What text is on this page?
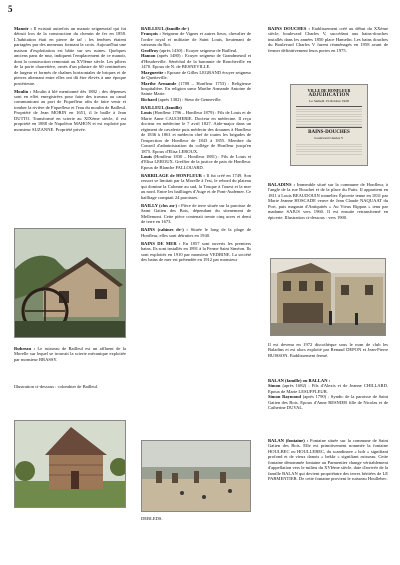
5

Manoir : Il existait autrefois un manoir seigneurial qui fut détruit lors de la construction du chemin de fer en 1858. L'habitation était en pierre de taf ; les fenêtres étaient partagées par des meneaux formant la croix. Aujourd'hui une maison d'exploitation est bâtie sur ses ruines. Quelques anciens pans de mur, indiquent l'emplacement de ce manoir, dont la construction remontait au XVIème siècle. Les piliers de la porte charretière, ornés d'un pilastre de 60 centimètres de largeur et formés de chaînes horizontales de briques et de pierres alternant entre elles ont dû être élevés à une époque postérieure.

Moulin : Moulin à blé mentionné dès 1882 ; des dépenses sont en effet enregistrées pour faire des travaux au canal communicant au port de Fiquefleur afin de faire venir et tomber la rivière de Fiquefleur et l'eau du moulin de Bailleul. Propriété de Jean MORIN en 1651, il le baille à Jean DUTTO. Transformé en scierie au XIXème siècle, il est propriété en 1888 de Napoléon MAHON et est exploité par monsieur SUZANNE. Propriété privée.

Rubreau : Le ruisseau de Bailleul est un affluent de la Morelle sur lequel se trouvait la scierie mécanique exploitée par monsieur BRASSY.
Illustration ci-dessous : colombier de Bailleul.

BAILLEUL (famille de-)
François : Seigneur de Vignes et autres lieux, chevalier de l'ordre royal et militaire de Saint Louis, lieutenant de vaisseau du Roi.
Geoffroy (après 1430) : Ecuyer seigneur de Bailleul.
Hamon (après 1480) : Ecuyer seigneur de Grandmesnil et d'Heudreville. Sénéchal de la baronnie de Roncheville en 1470. Epoux de N. de BESNEVILLE.
Marguerite : Epouse de Gilles LEGRAND écuyer seigneur de Quetteville.
Marthe Armande (1708 – Honfleur 1753) : Religieuse hospitalière. En religion sœur Marthe Armande Antoine de Sainte Marie.
Richard (après 1382) : Sieur de Genneville.

BAILLEUL (famille)
Louis (Honfleur 1796 – Honfleur 1879) : Fils de Louis et de Marie Anne CAUCHERIE. Docteur en médecine. Il reçu docteur en médecine le 7 avril 1827. Aide-major dans un régiment de cavalerie puis médecin des douanes à Honfleur de 1836 à 1861 et médecin chef de toutes les brigades de l'inspection de Honfleur de 1843 à 1855. Membre du Conseil d'administration du collège de Honfleur jusqu'en 1875. Epoux d'Elisa LEROUX.
Louis (Honfleur 1830 – Honfleur 1881) : Fils de Louis et d'Elisa LEROUX. Greffier de la justice de paix de Honfleur. Epoux de Blanche FALLOUARD.

BARRILAGE de HONFLEUR : Il fut créé en 1749. Son ressort se limitait par la Morelle à l'est, le rebord du plateau qui domine la Calonne au sud, la Touque à l'ouest et la mer au nord. Entre les bailliages d'Auge et de Pont-Audemer. Ce bailliage comptait 24 paroisses.

BAILLY (clos au-) : Pièce de terre située sur la paroisse de Saint Gatien des Bois, dépendant du sitenement de Mellemont. Cette pièce contenait trente cinq acres et demi de terre en 1673.

BAINS (cabines de-) : Située le long de la plage de Honfleur, elles sont détruites en 1940.

BAINS DE MER : En 1857 sont ouverts les premiers bains. Ils sont installés en 1891 à la Ferme Saint Siméon. Ils sont exploités en 1910 par monsieur VEDRINE. La société des bains de mer est prétendée en 1912 par monsieur

DEBLEDS.

BAINS DOUCHES : Etablissement créé au début du XXème siècle, boulevard Charles V, succédant aux bains-douches installés dans les années 1850 place Hamelin. Les bains douches du Boulevard Charles V furent réaménagés en 1958 avant de fermer définitivement leurs portes en 1975.

VILLE DE HONFLEUR
ADJUDICATION
Le Samedi 13 Octobre 1928
BAINS-DOUCHES
boulevard Charles V
BALADINS : Immeuble situé sur la commune de Honfleur, à l'angle de la rue Bouchet et de la place du Puits. Il appartient en 1811 à Louis BEAUDOUIN tonnelier. Épicerie tenue en 1831 par Marie Jeanne HOSCADE veuve de Jean Claude NAQUAAT du Port, puis magasin d'Antiquités « Au Vieux Rippon » tenu par madame SAJUS vers 1960. Il est ensuite retransformé en épicerie. Illustration ci-dessous : vers 1900.
Il est devenu en 1972 discothèque sous le nom de club les Baladins et est alors exploité par Renaud DEPON et Jean-Pierre BUISSON. Etablissement fermé.
BALAN (famille) ou BALLAN :
Simon (après 1682) : Fils d'Alexis et de Jeanne CHILLARD. Epoux de Marie LESUFFLEUR.
Simon Raymond (après 1790) : Syndic de la paroisse de Saint Gatien des Bois. Epoux d'Anne RESNIER fille de Nicolas et de Catherine DUVAL.
BALAN (fontaine) : Fontaine située sur la commune de Saint Gatien des Bois. Elle est primitivement nommée la fontaine HOULBEC ou HOULLEBEC, du scandinave « holr » signifiant profond et de vieux danois « bekkr » signifiant ruisseau. Cette fontaine dénommée fontaine au Parmentier change véritablement d'appellation vers le milieu du XVIème siècle, date d'arrivée de la famille BALAN qui devient propriétaire des terres héritées de LE PARMENTIER. De cette fontaine provient le ruisseau Houllebec.
